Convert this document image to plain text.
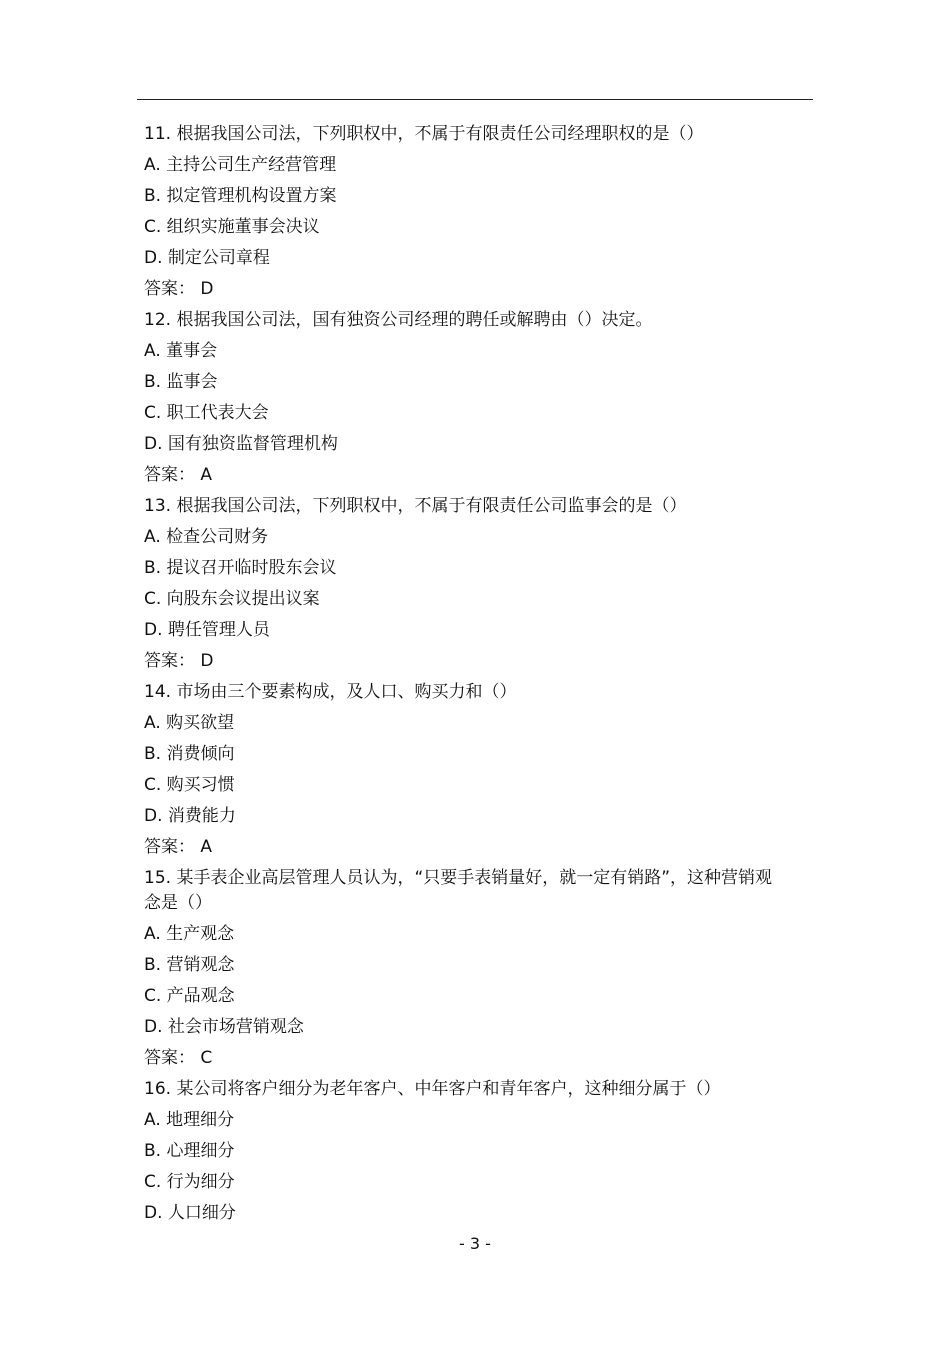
11. 根据我国公司法，下列职权中，不属于有限责任公司经理职权的是（）
A. 主持公司生产经营管理
B. 拟定管理机构设置方案
C. 组织实施董事会决议
D. 制定公司章程
答案： D
12. 根据我国公司法，国有独资公司经理的聘任或解聘由（）决定。
A. 董事会
B. 监事会
C. 职工代表大会
D. 国有独资监督管理机构
答案： A
13. 根据我国公司法，下列职权中，不属于有限责任公司监事会的是（）
A. 检查公司财务
B. 提议召开临时股东会议
C. 向股东会议提出议案
D. 聘任管理人员
答案： D
14. 市场由三个要素构成，及人口、购买力和（）
A. 购买欲望
B. 消费倾向
C. 购买习惯
D. 消费能力
答案： A
15. 某手表企业高层管理人员认为，“只要手表销量好，就一定有销路”，这种营销观念是（）
A. 生产观念
B. 营销观念
C. 产品观念
D. 社会市场营销观念
答案： C
16. 某公司将客户细分为老年客户、中年客户和青年客户，这种细分属于（）
A. 地理细分
B. 心理细分
C. 行为细分
D. 人口细分
- 3 -
